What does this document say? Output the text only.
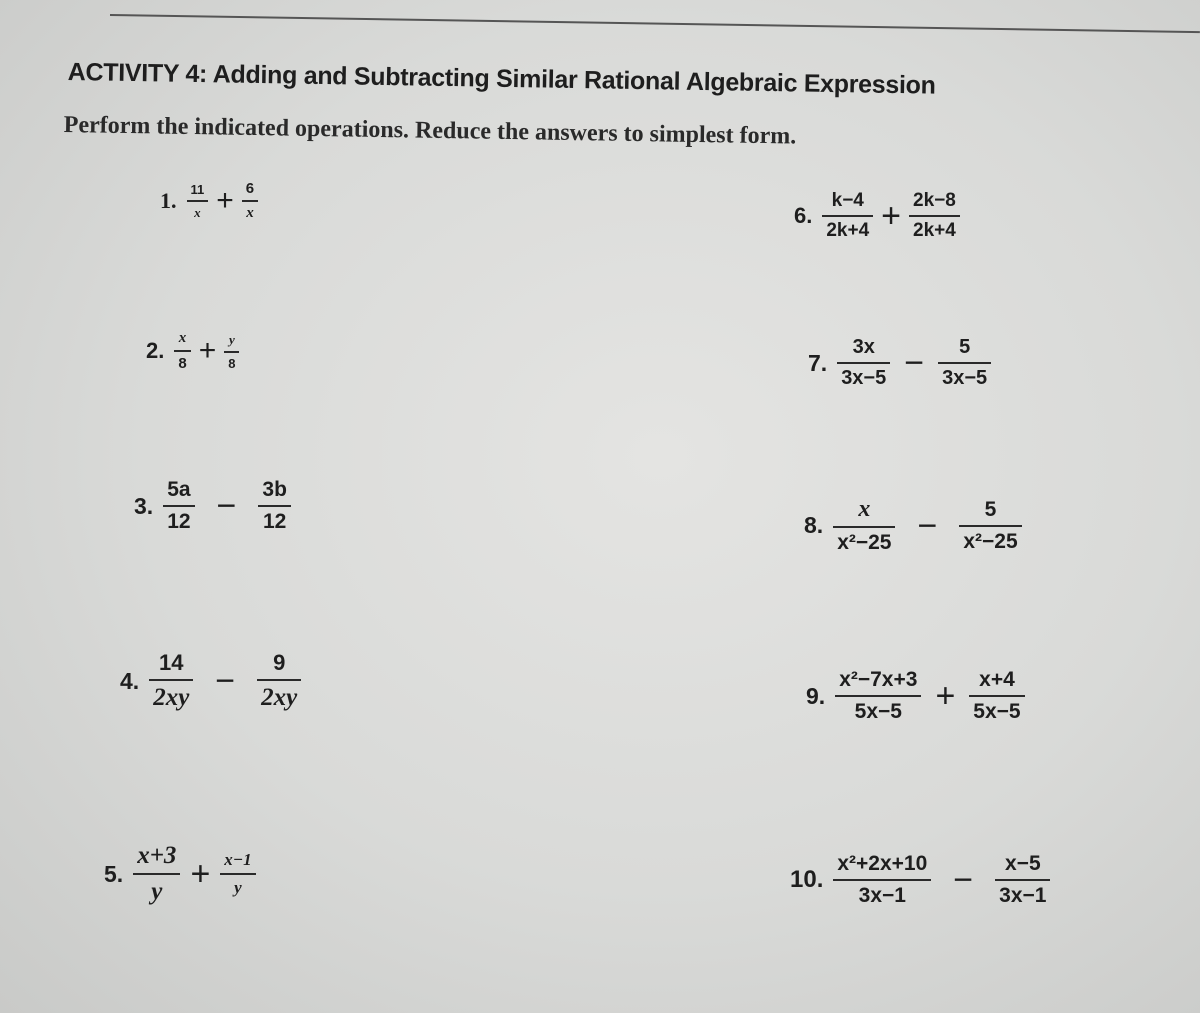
ACTIVITY 4: Adding and Subtracting Similar Rational Algebraic Expression
Perform the indicated operations. Reduce the answers to simplest form.
1. $\frac{11}{x} + \frac{6}{x}$
2. $\frac{x}{8} + \frac{y}{8}$
3. $\frac{5a}{12} - \frac{3b}{12}$
4. $\frac{14}{2xy} - \frac{9}{2xy}$
5. $\frac{x+3}{y} + \frac{x-1}{y}$
6. $\frac{k-4}{2k+4} + \frac{2k-8}{2k+4}$
7. $\frac{3x}{3x-5} - \frac{5}{3x-5}$
8. $\frac{x}{\text{x²−25}} - \frac{5}{\text{x²−25}}$
9. $\frac{\text{x²−7x+3}}{5x-5} + \frac{x+4}{5x-5}$
10. $\frac{\text{x²+2x+10}}{3x-1} - \frac{x-5}{3x-1}$
